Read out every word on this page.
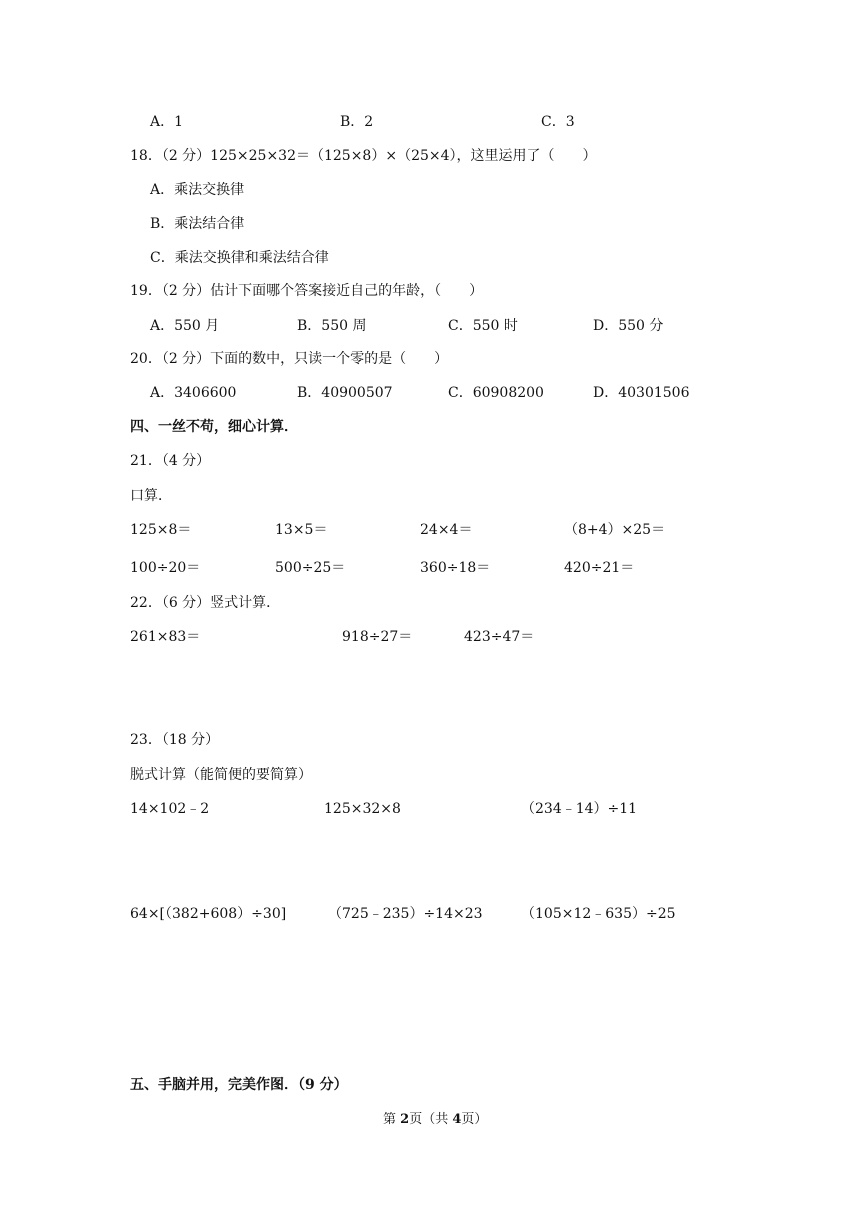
A．1	B．2	C．3
18．（2 分）125×25×32＝（125×8）×（25×4），这里运用了（　　）
A．乘法交换律
B．乘法结合律
C．乘法交换律和乘法结合律
19．（2 分）估计下面哪个答案接近自己的年龄，（　　）
A．550 月	B．550 周	C．550 时	D．550 分
20．（2 分）下面的数中，只读一个零的是（　　）
A．3406600	B．40900507	C．60908200	D．40301506
四、一丝不苟，细心计算．
21．（4 分）
口算．
125×8＝	13×5＝	24×4＝	（8+4）×25＝
100÷20＝	500÷25＝	360÷18＝	420÷21＝
22．（6 分）竖式计算．
261×83＝	918÷27＝	423÷47＝
23．（18 分）
脱式计算（能简便的要简算）
14×102﹣2	125×32×8	（234﹣14）÷11
64×[（382+608）÷30]	（725﹣235）÷14×23	（105×12﹣635）÷25
五、手脑并用，完美作图．（9 分）
第 2页（共 4页）
